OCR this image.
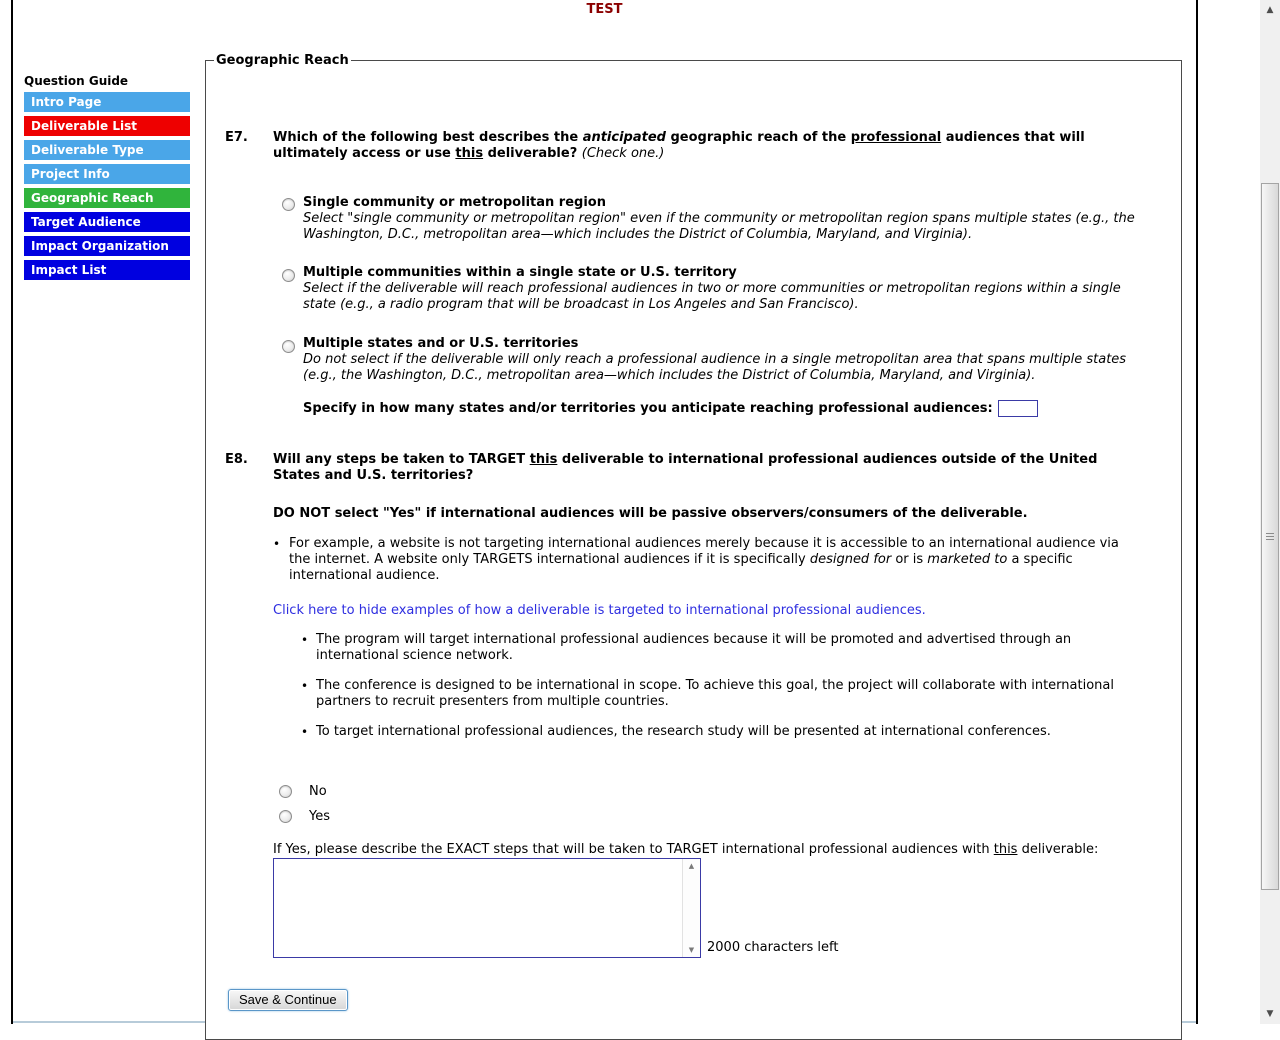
TEST
Question Guide
Intro Page
Deliverable List
Deliverable Type
Project Info
Geographic Reach
Target Audience
Impact Organization
Impact List
Geographic Reach
E7. Which of the following best describes the anticipated geographic reach of the professional audiences that will ultimately access or use this deliverable? (Check one.)
Single community or metropolitan region
Select "single community or metropolitan region" even if the community or metropolitan region spans multiple states (e.g., the Washington, D.C., metropolitan area—which includes the District of Columbia, Maryland, and Virginia).
Multiple communities within a single state or U.S. territory
Select if the deliverable will reach professional audiences in two or more communities or metropolitan regions within a single state (e.g., a radio program that will be broadcast in Los Angeles and San Francisco).
Multiple states and or U.S. territories
Do not select if the deliverable will only reach a professional audience in a single metropolitan area that spans multiple states (e.g., the Washington, D.C., metropolitan area—which includes the District of Columbia, Maryland, and Virginia).
Specify in how many states and/or territories you anticipate reaching professional audiences:
E8. Will any steps be taken to TARGET this deliverable to international professional audiences outside of the United States and U.S. territories?
DO NOT select "Yes" if international audiences will be passive observers/consumers of the deliverable.
• For example, a website is not targeting international audiences merely because it is accessible to an international audience via the internet. A website only TARGETS international audiences if it is specifically designed for or is marketed to a specific international audience.
Click here to hide examples of how a deliverable is targeted to international professional audiences.
• The program will target international professional audiences because it will be promoted and advertised through an international science network.
• The conference is designed to be international in scope. To achieve this goal, the project will collaborate with international partners to recruit presenters from multiple countries.
• To target international professional audiences, the research study will be presented at international conferences.
No
Yes
If Yes, please describe the EXACT steps that will be taken to TARGET international professional audiences with this deliverable:
▲
▼ 2000 characters left
Save & Continue
▲
▼
